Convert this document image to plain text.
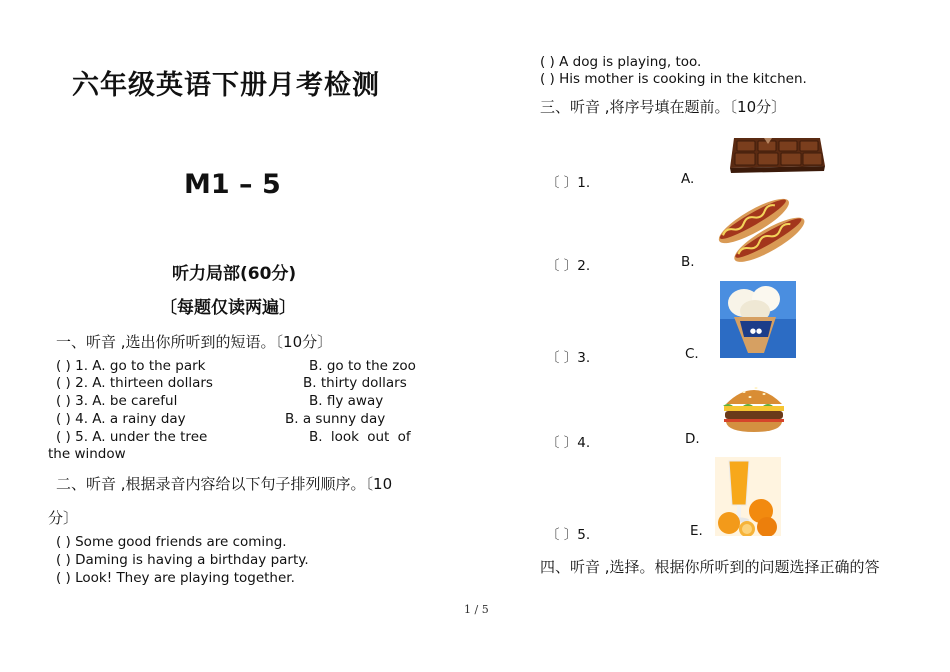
六年级英语下册月考检测
M1 – 5
听力局部(60分)
〔每题仅读两遍〕
一、听音 ,选出你所听到的短语。〔10分〕
( ) 1. A. go to the park	B. go to the zoo
( ) 2. A. thirteen dollars	B. thirty dollars
( ) 3. A. be careful	B. fly away
( ) 4. A. a rainy day	B. a sunny day
( ) 5. A. under the tree	B. look out of
the window
二、听音 ,根据录音内容给以下句子排列顺序。〔10
分〕
( ) Some good friends are coming.
( ) Daming is having a birthday party.
( ) Look! They are playing together.
( ) A dog is playing, too.
( ) His mother is cooking in the kitchen.
三、听音 ,将序号填在题前。〔10分〕
〔 〕1.	A.
〔 〕2.	B.
〔 〕3.	C.
〔 〕4.	D.
〔 〕5.	E.
●●
四、听音 ,选择。根据你所听到的问题选择正确的答
1 / 5
